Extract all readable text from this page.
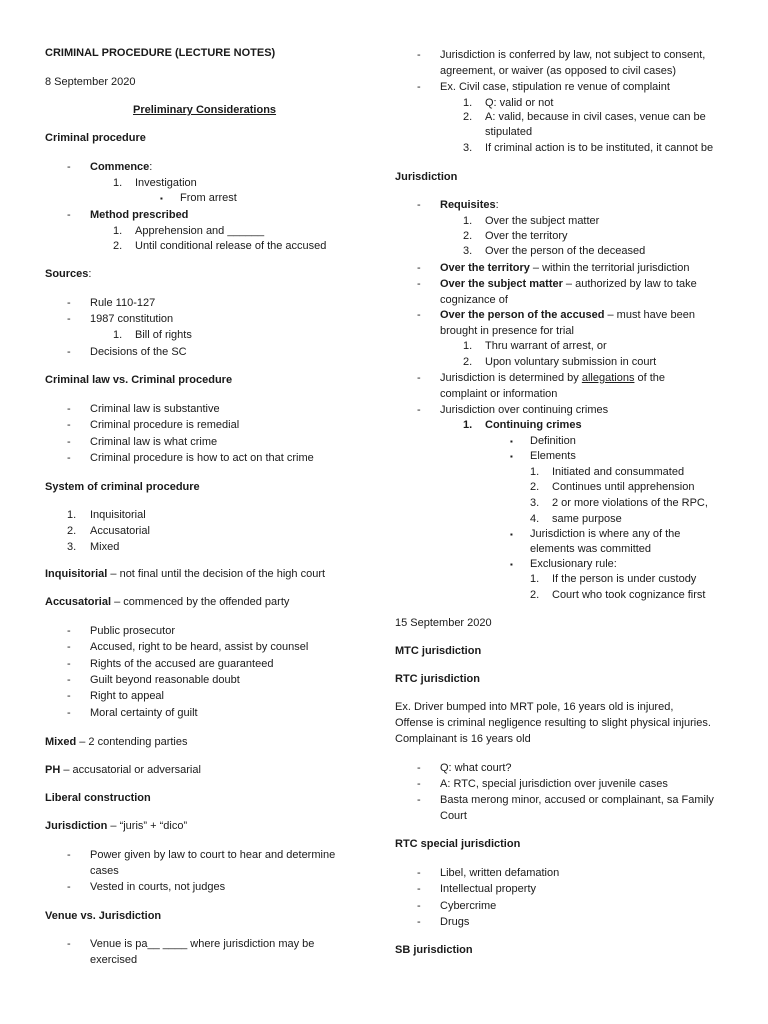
CRIMINAL PROCEDURE (LECTURE NOTES)
8 September 2020
Preliminary Considerations
Criminal procedure
- Commence:
1. Investigation
▪ From arrest
- Method prescribed
1. Apprehension and ______
2. Until conditional release of the accused
Sources:
- Rule 110-127
- 1987 constitution
1. Bill of rights
- Decisions of the SC
Criminal law vs. Criminal procedure
- Criminal law is substantive
- Criminal procedure is remedial
- Criminal law is what crime
- Criminal procedure is how to act on that crime
System of criminal procedure
1. Inquisitorial
2. Accusatorial
3. Mixed
Inquisitorial – not final until the decision of the high court
Accusatorial – commenced by the offended party
- Public prosecutor
- Accused, right to be heard, assist by counsel
- Rights of the accused are guaranteed
- Guilt beyond reasonable doubt
- Right to appeal
- Moral certainty of guilt
Mixed – 2 contending parties
PH – accusatorial or adversarial
Liberal construction
Jurisdiction – “juris” + “dico”
- Power given by law to court to hear and determine
cases
- Vested in courts, not judges
Venue vs. Jurisdiction
- Venue is pa__ ____ where jurisdiction may be
exercised
- Jurisdiction is conferred by law, not subject to consent,
agreement, or waiver (as opposed to civil cases)
- Ex. Civil case, stipulation re venue of complaint
1. Q: valid or not
2. A: valid, because in civil cases, venue can be
stipulated
3. If criminal action is to be instituted, it cannot be
Jurisdiction
- Requisites:
1. Over the subject matter
2. Over the territory
3. Over the person of the deceased
- Over the territory – within the territorial jurisdiction
- Over the subject matter – authorized by law to take
cognizance of
- Over the person of the accused – must have been
brought in presence for trial
1. Thru warrant of arrest, or
2. Upon voluntary submission in court
- Jurisdiction is determined by allegations of the
complaint or information
- Jurisdiction over continuing crimes
1. Continuing crimes
▪ Definition
▪ Elements
1. Initiated and consummated
2. Continues until apprehension
3. 2 or more violations of the RPC,
4. same purpose
▪ Jurisdiction is where any of the
elements was committed
▪ Exclusionary rule:
1. If the person is under custody
2. Court who took cognizance first
15 September 2020
MTC jurisdiction
RTC jurisdiction
Ex. Driver bumped into MRT pole, 16 years old is injured,
Offense is criminal negligence resulting to slight physical injuries.
Complainant is 16 years old
- Q: what court?
- A: RTC, special jurisdiction over juvenile cases
- Basta merong minor, accused or complainant, sa Family
Court
RTC special jurisdiction
- Libel, written defamation
- Intellectual property
- Cybercrime
- Drugs
SB jurisdiction
